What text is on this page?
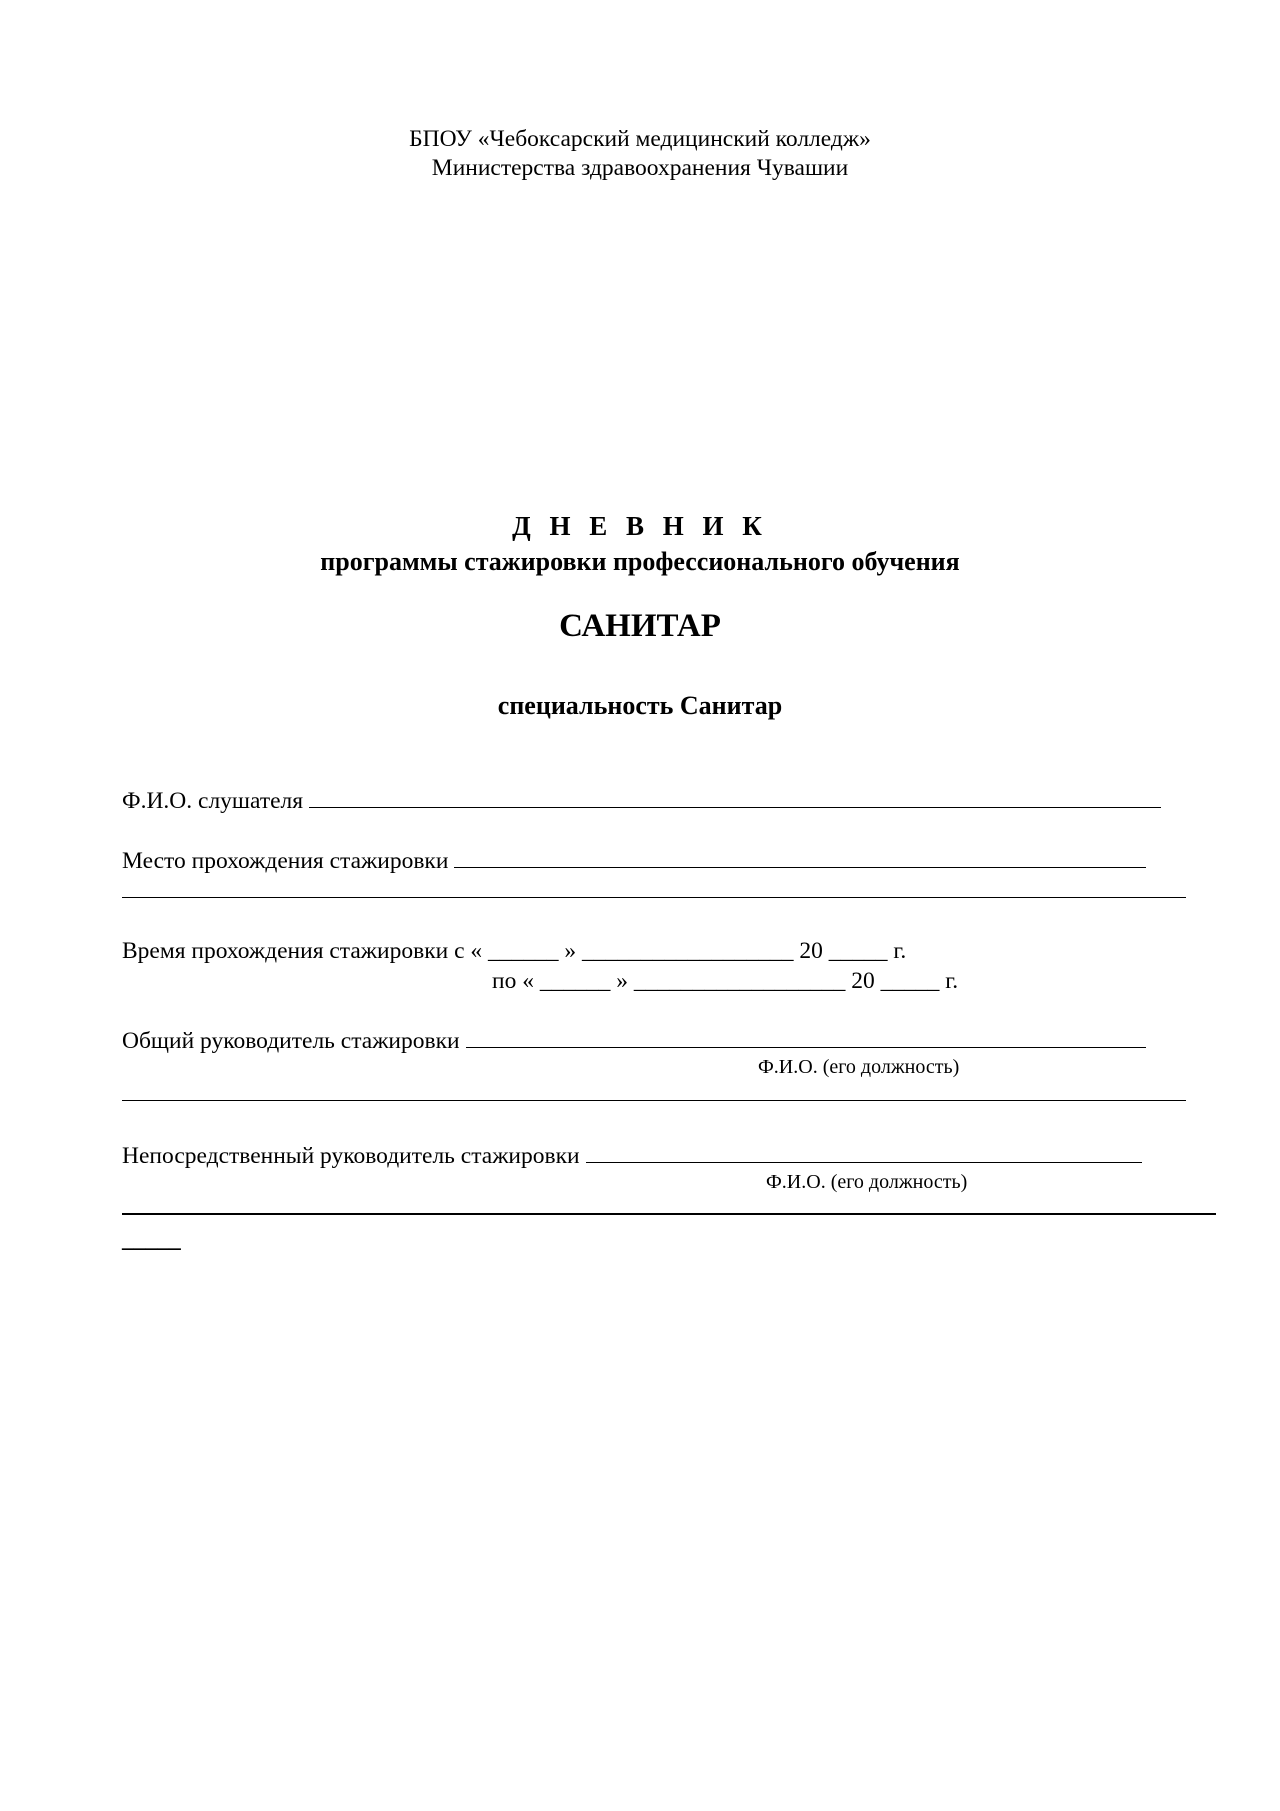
БПОУ «Чебоксарский медицинский колледж»
Министерства здравоохранения Чувашии
Д Н Е В Н И К
программы стажировки профессионального обучения
САНИТАР
специальность Санитар
Ф.И.О. слушателя
Место прохождения стажировки
Время прохождения стажировки с « ______ » __________________ 20 _____ г.
по « ______ » __________________ 20 _____ г.
Общий руководитель стажировки
Ф.И.О. (его должность)
Непосредственный руководитель стажировки
Ф.И.О. (его должность)
_____
